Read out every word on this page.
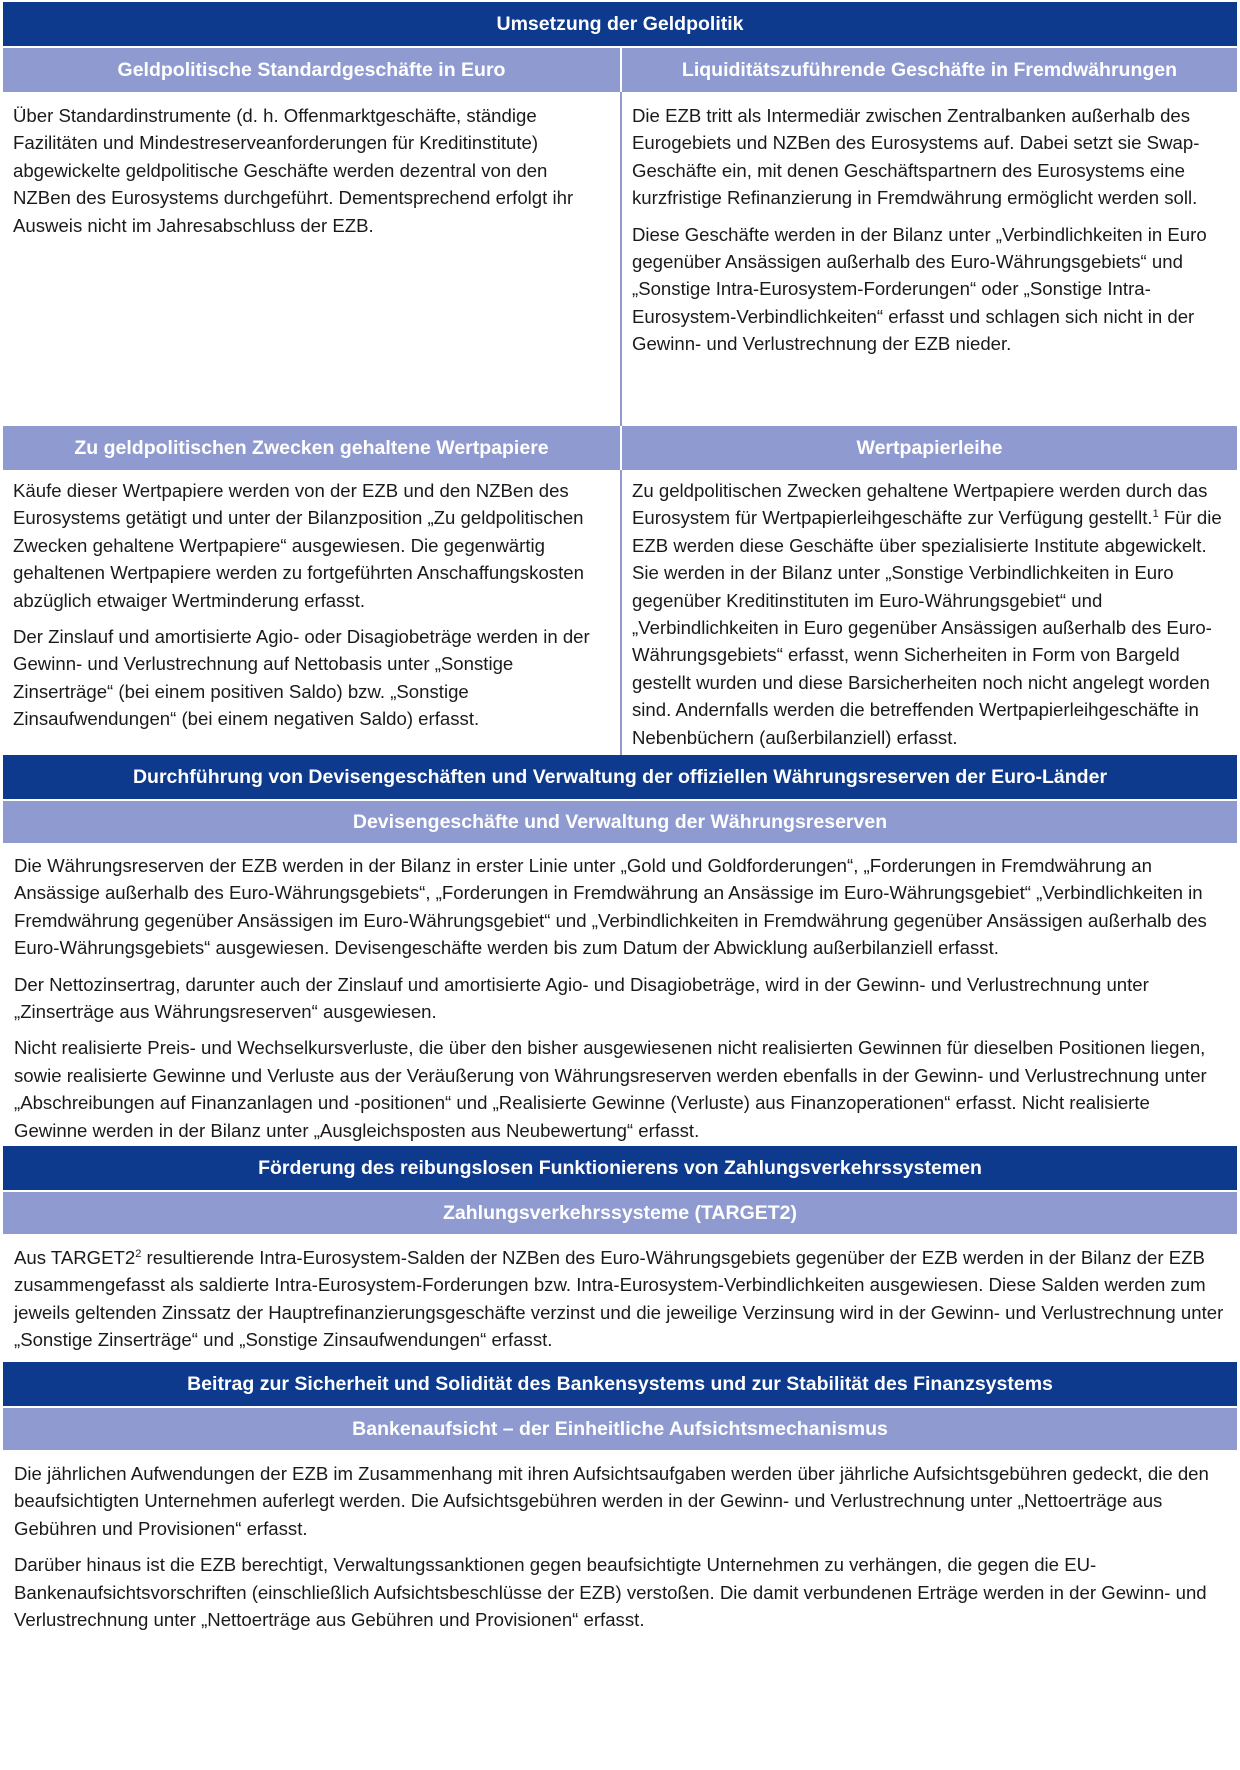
Umsetzung der Geldpolitik
Geldpolitische Standardgeschäfte in Euro	Liquiditätszuführende Geschäfte in Fremdwährungen

Über Standardinstrumente (d. h. Offenmarktgeschäfte, ständige Fazilitäten und Mindestreserveanforderungen für Kreditinstitute) abgewickelte geldpolitische Geschäfte werden dezentral von den NZBen des Eurosystems durchgeführt. Dementsprechend erfolgt ihr Ausweis nicht im Jahresabschluss der EZB.

Die EZB tritt als Intermediär zwischen Zentralbanken außerhalb des Eurogebiets und NZBen des Eurosystems auf. Dabei setzt sie Swap-Geschäfte ein, mit denen Geschäftspartnern des Eurosystems eine kurzfristige Refinanzierung in Fremdwährung ermöglicht werden soll.

Diese Geschäfte werden in der Bilanz unter „Verbindlichkeiten in Euro gegenüber Ansässigen außerhalb des Euro-Währungsgebiets“ und „Sonstige Intra-Eurosystem-Forderungen“ oder „Sonstige Intra-Eurosystem-Verbindlichkeiten“ erfasst und schlagen sich nicht in der Gewinn- und Verlustrechnung der EZB nieder.

Zu geldpolitischen Zwecken gehaltene Wertpapiere	Wertpapierleihe

Käufe dieser Wertpapiere werden von der EZB und den NZBen des Eurosystems getätigt und unter der Bilanzposition „Zu geldpolitischen Zwecken gehaltene Wertpapiere“ ausgewiesen. Die gegenwärtig gehaltenen Wertpapiere werden zu fortgeführten Anschaffungskosten abzüglich etwaiger Wertminderung erfasst.

Der Zinslauf und amortisierte Agio- oder Disagiobeträge werden in der Gewinn- und Verlustrechnung auf Nettobasis unter „Sonstige Zinserträge“ (bei einem positiven Saldo) bzw. „Sonstige Zinsaufwendungen“ (bei einem negativen Saldo) erfasst.

Zu geldpolitischen Zwecken gehaltene Wertpapiere werden durch das Eurosystem für Wertpapierleihgeschäfte zur Verfügung gestellt.$^1$ Für die EZB werden diese Geschäfte über spezialisierte Institute abgewickelt. Sie werden in der Bilanz unter „Sonstige Verbindlichkeiten in Euro gegenüber Kreditinstituten im Euro-Währungsgebiet“ und „Verbindlichkeiten in Euro gegenüber Ansässigen außerhalb des Euro-Währungsgebiets“ erfasst, wenn Sicherheiten in Form von Bargeld gestellt wurden und diese Barsicherheiten noch nicht angelegt worden sind. Andernfalls werden die betreffenden Wertpapierleihgeschäfte in Nebenbüchern (außerbilanziell) erfasst.

Durchführung von Devisengeschäften und Verwaltung der offiziellen Währungsreserven der Euro-Länder
Devisengeschäfte und Verwaltung der Währungsreserven

Die Währungsreserven der EZB werden in der Bilanz in erster Linie unter „Gold und Goldforderungen“, „Forderungen in Fremdwährung an Ansässige außerhalb des Euro-Währungsgebiets“, „Forderungen in Fremdwährung an Ansässige im Euro-Währungsgebiet“ „Verbindlichkeiten in Fremdwährung gegenüber Ansässigen im Euro-Währungsgebiet“ und „Verbindlichkeiten in Fremdwährung gegenüber Ansässigen außerhalb des Euro-Währungsgebiets“ ausgewiesen. Devisengeschäfte werden bis zum Datum der Abwicklung außerbilanziell erfasst.

Der Nettozinsertrag, darunter auch der Zinslauf und amortisierte Agio- und Disagiobeträge, wird in der Gewinn- und Verlustrechnung unter „Zinserträge aus Währungsreserven“ ausgewiesen.

Nicht realisierte Preis- und Wechselkursverluste, die über den bisher ausgewiesenen nicht realisierten Gewinnen für dieselben Positionen liegen, sowie realisierte Gewinne und Verluste aus der Veräußerung von Währungsreserven werden ebenfalls in der Gewinn- und Verlustrechnung unter „Abschreibungen auf Finanzanlagen und -positionen“ und „Realisierte Gewinne (Verluste) aus Finanzoperationen“ erfasst. Nicht realisierte Gewinne werden in der Bilanz unter „Ausgleichsposten aus Neubewertung“ erfasst.

Förderung des reibungslosen Funktionierens von Zahlungsverkehrssystemen
Zahlungsverkehrssysteme (TARGET2)

Aus $TARGET2^2$ resultierende Intra-Eurosystem-Salden der NZBen des Euro-Währungsgebiets gegenüber der EZB werden in der Bilanz der EZB zusammengefasst als saldierte Intra-Eurosystem-Forderungen bzw. Intra-Eurosystem-Verbindlichkeiten ausgewiesen. Diese Salden werden zum jeweils geltenden Zinssatz der Hauptrefinanzierungsgeschäfte verzinst und die jeweilige Verzinsung wird in der Gewinn- und Verlustrechnung unter „Sonstige Zinserträge“ und „Sonstige Zinsaufwendungen“ erfasst.

Beitrag zur Sicherheit und Solidität des Bankensystems und zur Stabilität des Finanzsystems
Bankenaufsicht – der Einheitliche Aufsichtsmechanismus

Die jährlichen Aufwendungen der EZB im Zusammenhang mit ihren Aufsichtsaufgaben werden über jährliche Aufsichtsgebühren gedeckt, die den beaufsichtigten Unternehmen auferlegt werden. Die Aufsichtsgebühren werden in der Gewinn- und Verlustrechnung unter „Nettoerträge aus Gebühren und Provisionen“ erfasst.

Darüber hinaus ist die EZB berechtigt, Verwaltungssanktionen gegen beaufsichtigte Unternehmen zu verhängen, die gegen die EU-Bankenaufsichtsvorschriften (einschließlich Aufsichtsbeschlüsse der EZB) verstoßen. Die damit verbundenen Erträge werden in der Gewinn- und Verlustrechnung unter „Nettoerträge aus Gebühren und Provisionen“ erfasst.
